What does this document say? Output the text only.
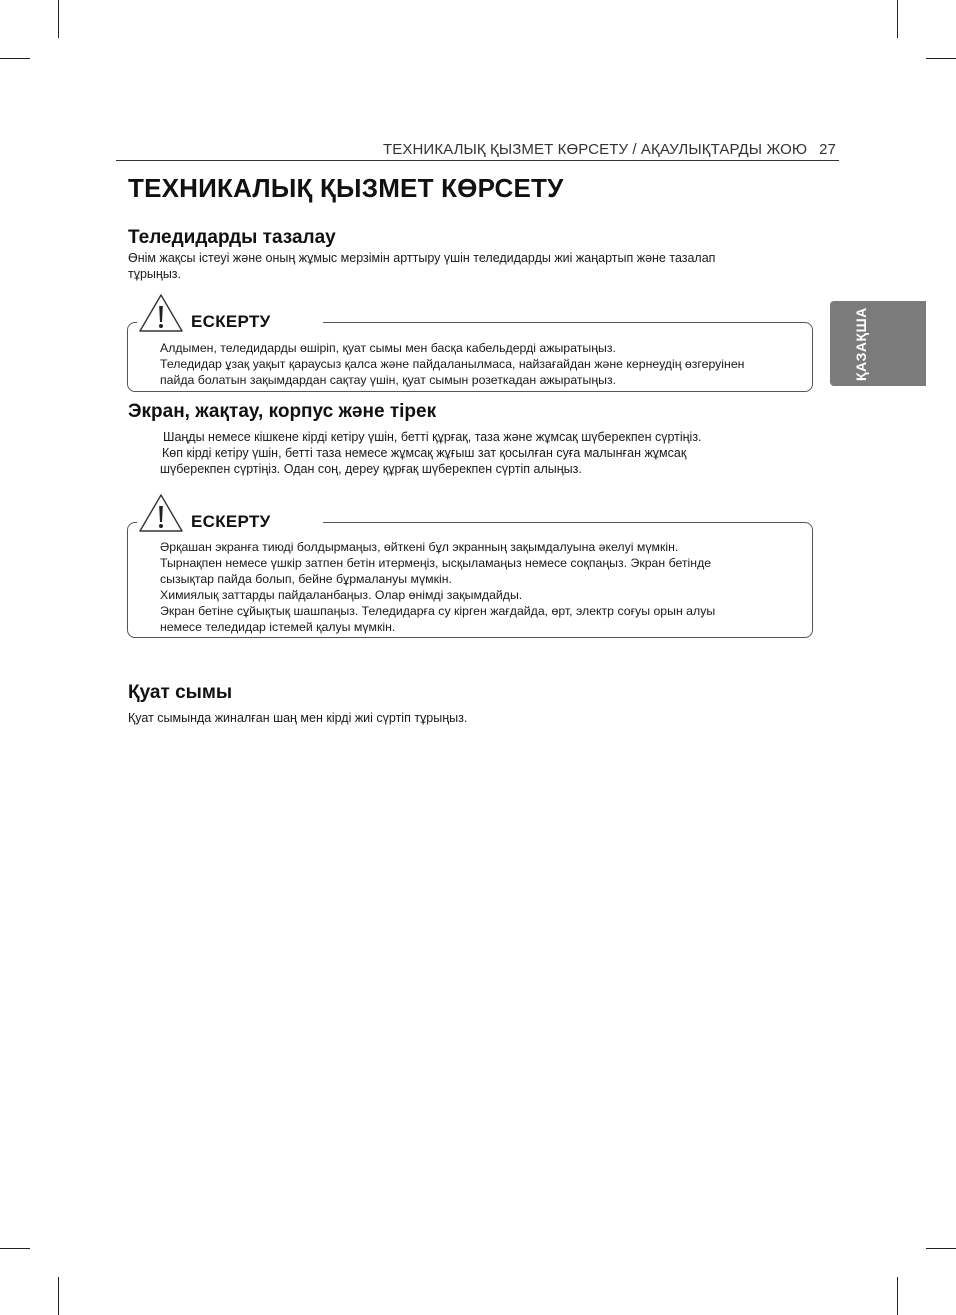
ТЕХНИКАЛЫҚ ҚЫЗМЕТ КӨРСЕТУ / АҚАУЛЫҚТАРДЫ ЖОЮ 27
ҚАЗАҚША
ТЕХНИКАЛЫҚ ҚЫЗМЕТ КӨРСЕТУ
Теледидарды тазалау
Өнім жақсы істеуі және оның жұмыс мерзімін арттыру үшін теледидарды жиі жаңартып және тазалап
тұрыңыз.
Алдымен, теледидарды өшіріп, қуат сымы мен басқа кабельдерді ажыратыңыз.
Теледидар ұзақ уақыт қараусыз қалса және пайдаланылмаса, найзағайдан және кернеудің өзгеруінен
пайда болатын зақымдардан сақтау үшін, қуат сымын розеткадан ажыратыңыз.
ЕСКЕРТУ
Экран, жақтау, корпус және тірек
Шаңды немесе кішкене кірді кетіру үшін, бетті құрғақ, таза және жұмсақ шүберекпен сүртіңіз.
Көп кірді кетіру үшін, бетті таза немесе жұмсақ жұғыш зат қосылған суға малынған жұмсақ
шүберекпен сүртіңіз. Одан соң, дереу құрғақ шүберекпен сүртіп алыңыз.
Әрқашан экранға тиюді болдырмаңыз, өйткені бұл экранның зақымдалуына әкелуі мүмкін.
Тырнақпен немесе үшкір затпен бетін итермеңіз, ысқыламаңыз немесе соқпаңыз. Экран бетінде
сызықтар пайда болып, бейне бұрмалануы мүмкін.
Химиялық заттарды пайдаланбаңыз. Олар өнімді зақымдайды.
Экран бетіне сұйықтық шашпаңыз. Теледидарға су кірген жағдайда, өрт, электр соғуы орын алуы
немесе теледидар істемей қалуы мүмкін.
ЕСКЕРТУ
Қуат сымы
Қуат сымында жиналған шаң мен кірді жиі сүртіп тұрыңыз.
